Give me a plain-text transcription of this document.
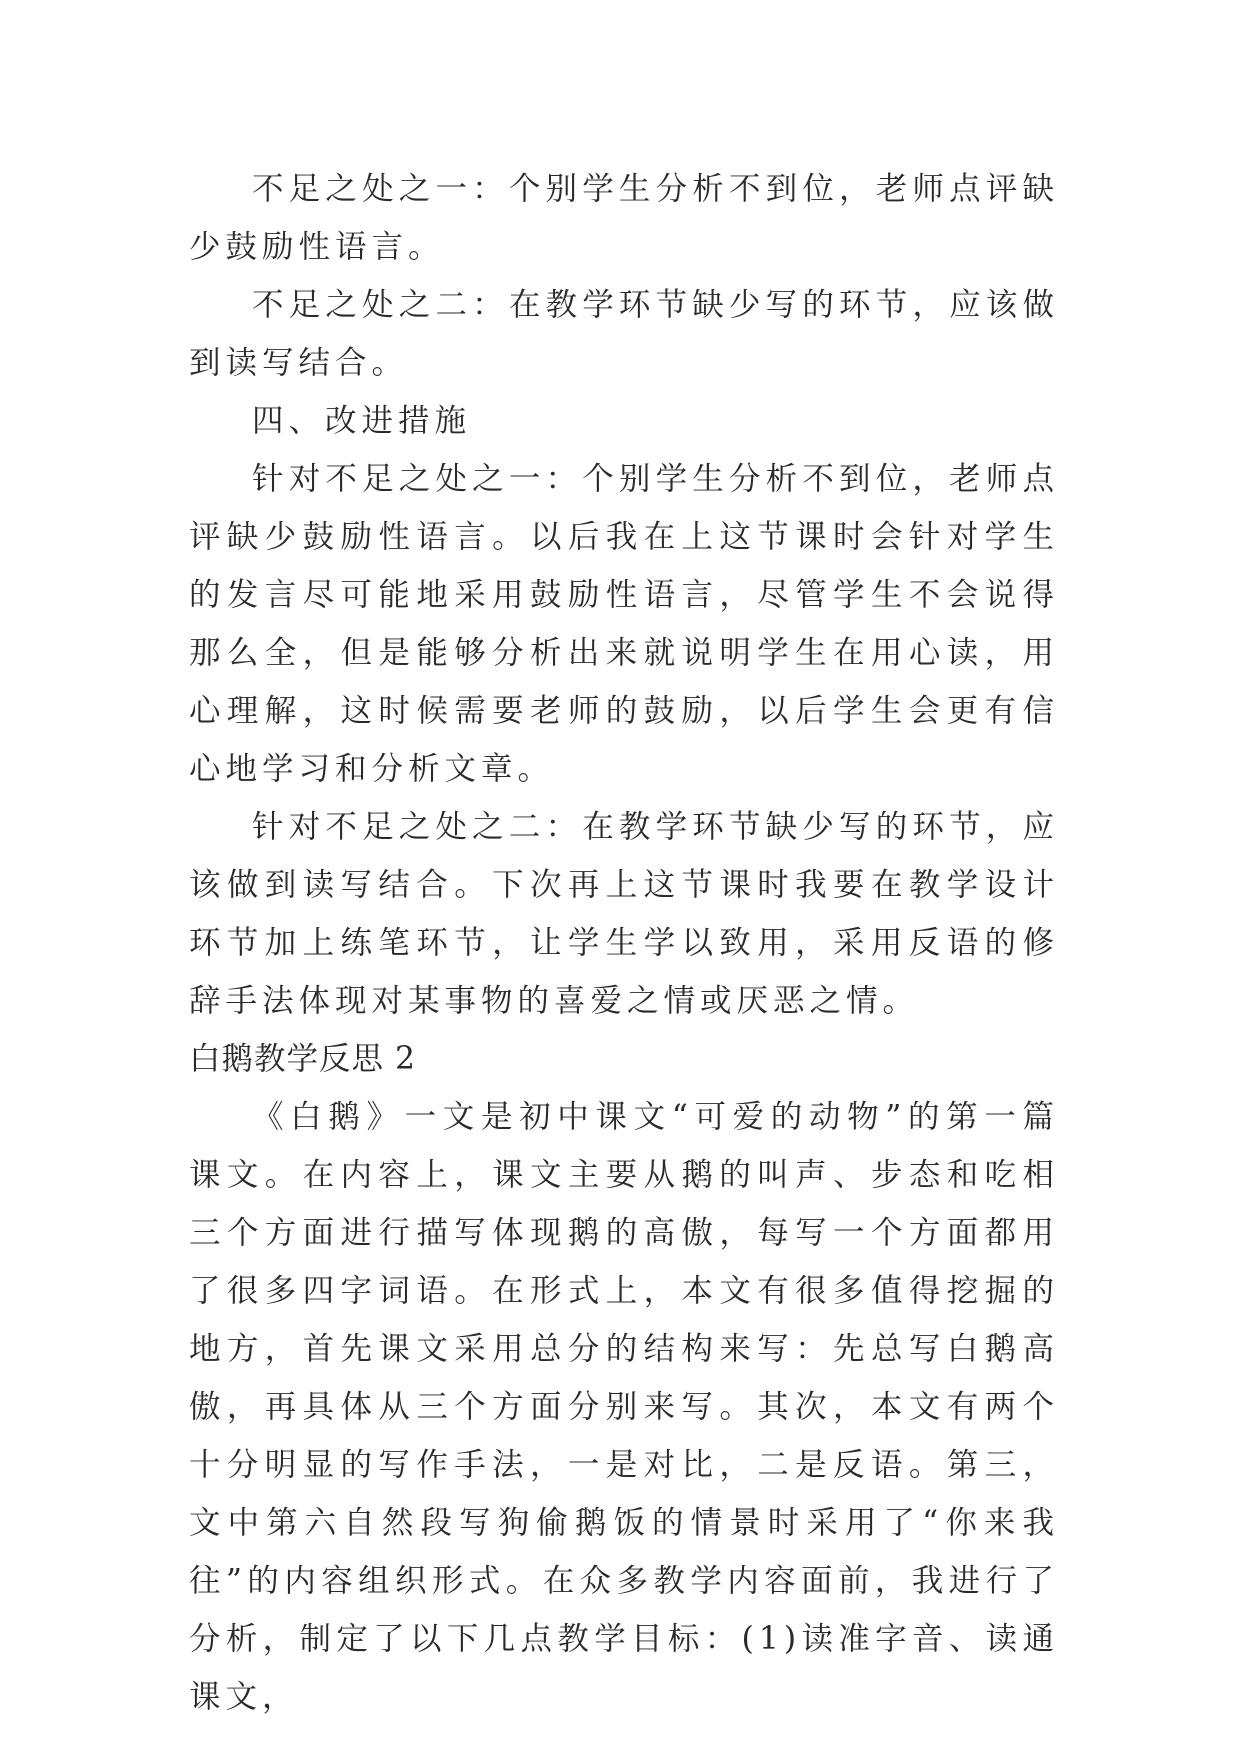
不足之处之一：个别学生分析不到位，老师点评缺少鼓励性语言。

不足之处之二：在教学环节缺少写的环节，应该做到读写结合。

四、改进措施

针对不足之处之一：个别学生分析不到位，老师点评缺少鼓励性语言。以后我在上这节课时会针对学生的发言尽可能地采用鼓励性语言，尽管学生不会说得那么全，但是能够分析出来就说明学生在用心读，用心理解，这时候需要老师的鼓励，以后学生会更有信心地学习和分析文章。

针对不足之处之二：在教学环节缺少写的环节，应该做到读写结合。下次再上这节课时我要在教学设计环节加上练笔环节，让学生学以致用，采用反语的修辞手法体现对某事物的喜爱之情或厌恶之情。

白鹅教学反思 2

《白鹅》一文是初中课文“可爱的动物”的第一篇课文。在内容上，课文主要从鹅的叫声、步态和吃相三个方面进行描写体现鹅的高傲，每写一个方面都用了很多四字词语。在形式上，本文有很多值得挖掘的地方，首先课文采用总分的结构来写：先总写白鹅高傲，再具体从三个方面分别来写。其次，本文有两个十分明显的写作手法，一是对比，二是反语。第三，文中第六自然段写狗偷鹅饭的情景时采用了“你来我往”的内容组织形式。在众多教学内容面前，我进行了分析，制定了以下几点教学目标：(1)读准字音、读通课文，
